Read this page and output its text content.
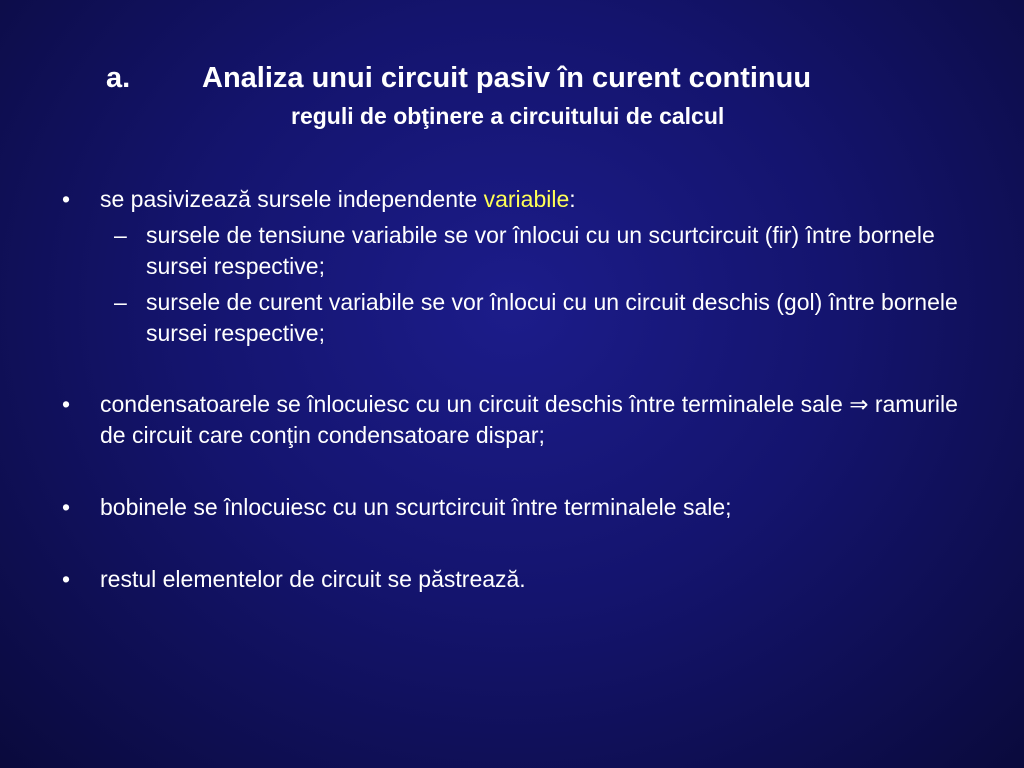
a. Analiza unui circuit pasiv în curent continuu
reguli de obţinere a circuitului de calcul
• se pasivizează sursele independente variabile:
– sursele de tensiune variabile se vor înlocui cu un scurtcircuit (fir) între bornele sursei respective;
– sursele de curent variabile se vor înlocui cu un circuit deschis (gol) între bornele sursei respective;
• condensatoarele se înlocuiesc cu un circuit deschis între terminalele sale ⇒ ramurile de circuit care conţin condensatoare dispar;
• bobinele se înlocuiesc cu un scurtcircuit între terminalele sale;
• restul elementelor de circuit se păstrează.
